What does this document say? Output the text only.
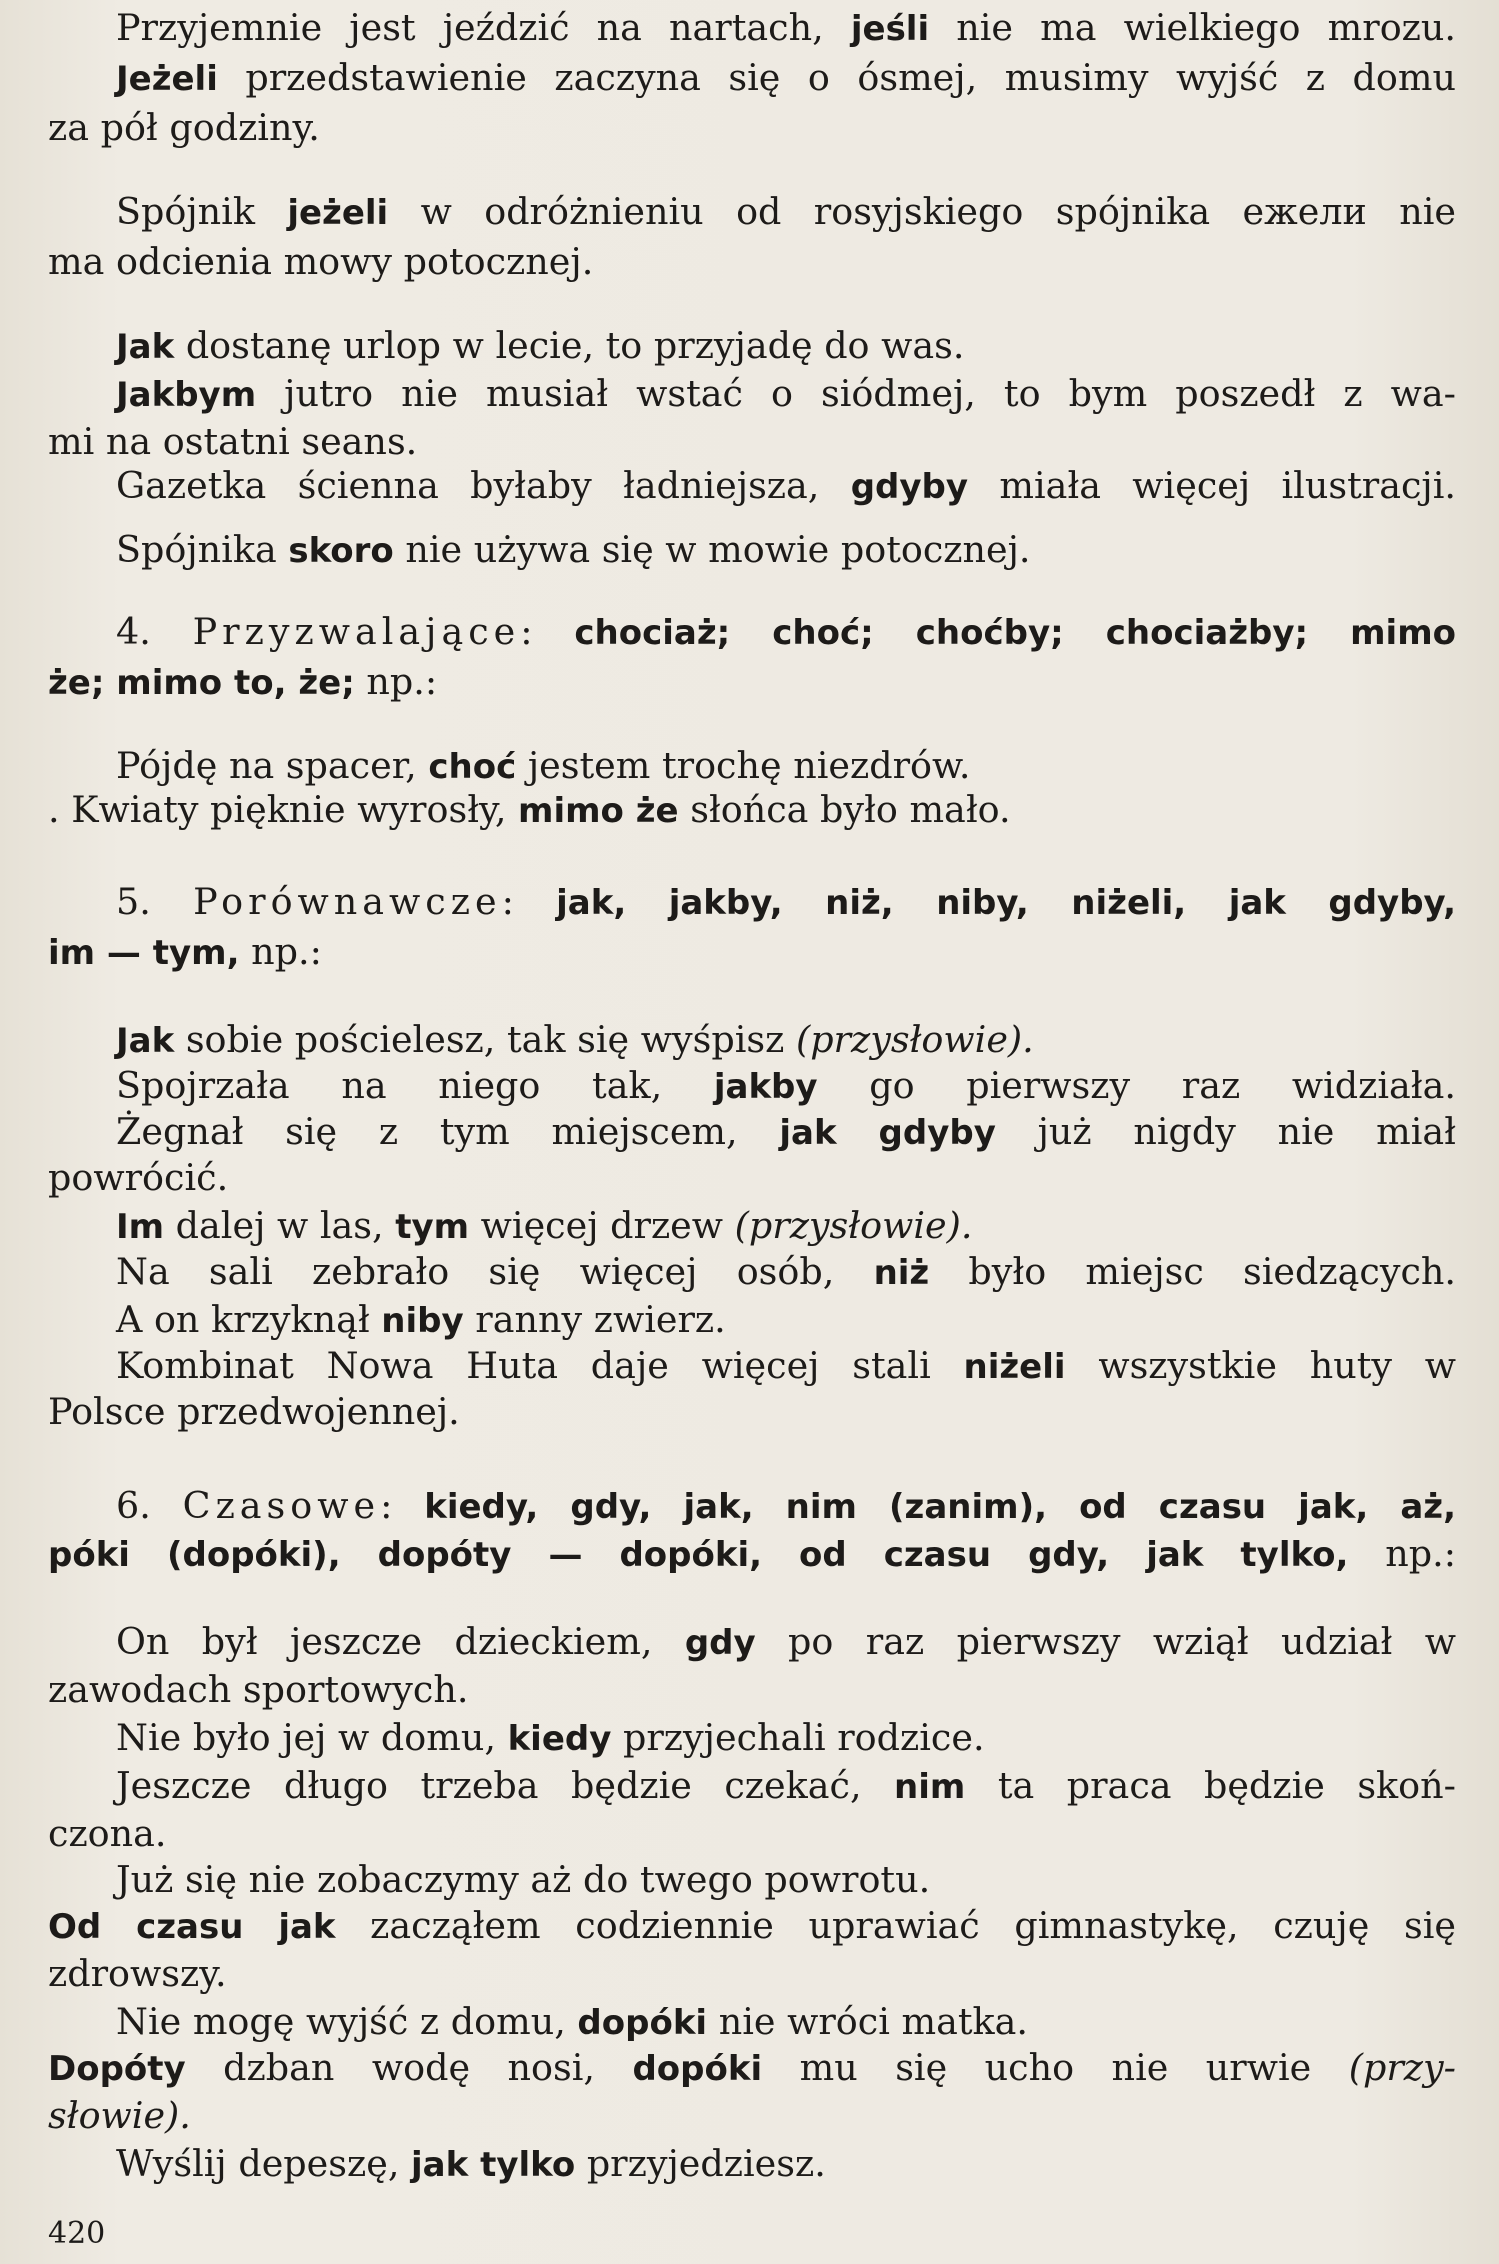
Przyjemnie jest jeździć na nartach, jeśli nie ma wielkiego mrozu.
Jeżeli przedstawienie zaczyna się o ósmej, musimy wyjść z domu
za pół godziny.
Spójnik jeżeli w odróżnieniu od rosyjskiego spójnika ежели nie
ma odcienia mowy potocznej.
Jak dostanę urlop w lecie, to przyjadę do was.
Jakbym jutro nie musiał wstać o siódmej, to bym poszedł z wa-
mi na ostatni seans.
Gazetka ścienna byłaby ładniejsza, gdyby miała więcej ilustracji.
Spójnika skoro nie używa się w mowie potocznej.
4. Przyzwalające: chociaż; choć; choćby; chociażby; mimo
że; mimo to, że; np.:
Pójdę na spacer, choć jestem trochę niezdrów.
. Kwiaty pięknie wyrosły, mimo że słońca było mało.
5. Porównawcze: jak, jakby, niż, niby, niżeli, jak gdyby,
im — tym, np.:
Jak sobie pościelesz, tak się wyśpisz (przysłowie).
Spojrzała na niego tak, jakby go pierwszy raz widziała.
Żegnał się z tym miejscem, jak gdyby już nigdy nie miał
powrócić.
Im dalej w las, tym więcej drzew (przysłowie).
Na sali zebrało się więcej osób, niż było miejsc siedzących.
A on krzyknął niby ranny zwierz.
Kombinat Nowa Huta daje więcej stali niżeli wszystkie huty w
Polsce przedwojennej.
6. Czasowe: kiedy, gdy, jak, nim (zanim), od czasu jak, aż,
póki (dopóki), dopóty — dopóki, od czasu gdy, jak tylko, np.:
On był jeszcze dzieckiem, gdy po raz pierwszy wziął udział w
zawodach sportowych.
Nie było jej w domu, kiedy przyjechali rodzice.
Jeszcze długo trzeba będzie czekać, nim ta praca będzie skoń-
czona.
Już się nie zobaczymy aż do twego powrotu.
Od czasu jak zacząłem codziennie uprawiać gimnastykę, czuję się
zdrowszy.
Nie mogę wyjść z domu, dopóki nie wróci matka.
Dopóty dzban wodę nosi, dopóki mu się ucho nie urwie (przy-
słowie).
Wyślij depeszę, jak tylko przyjedziesz.
420
